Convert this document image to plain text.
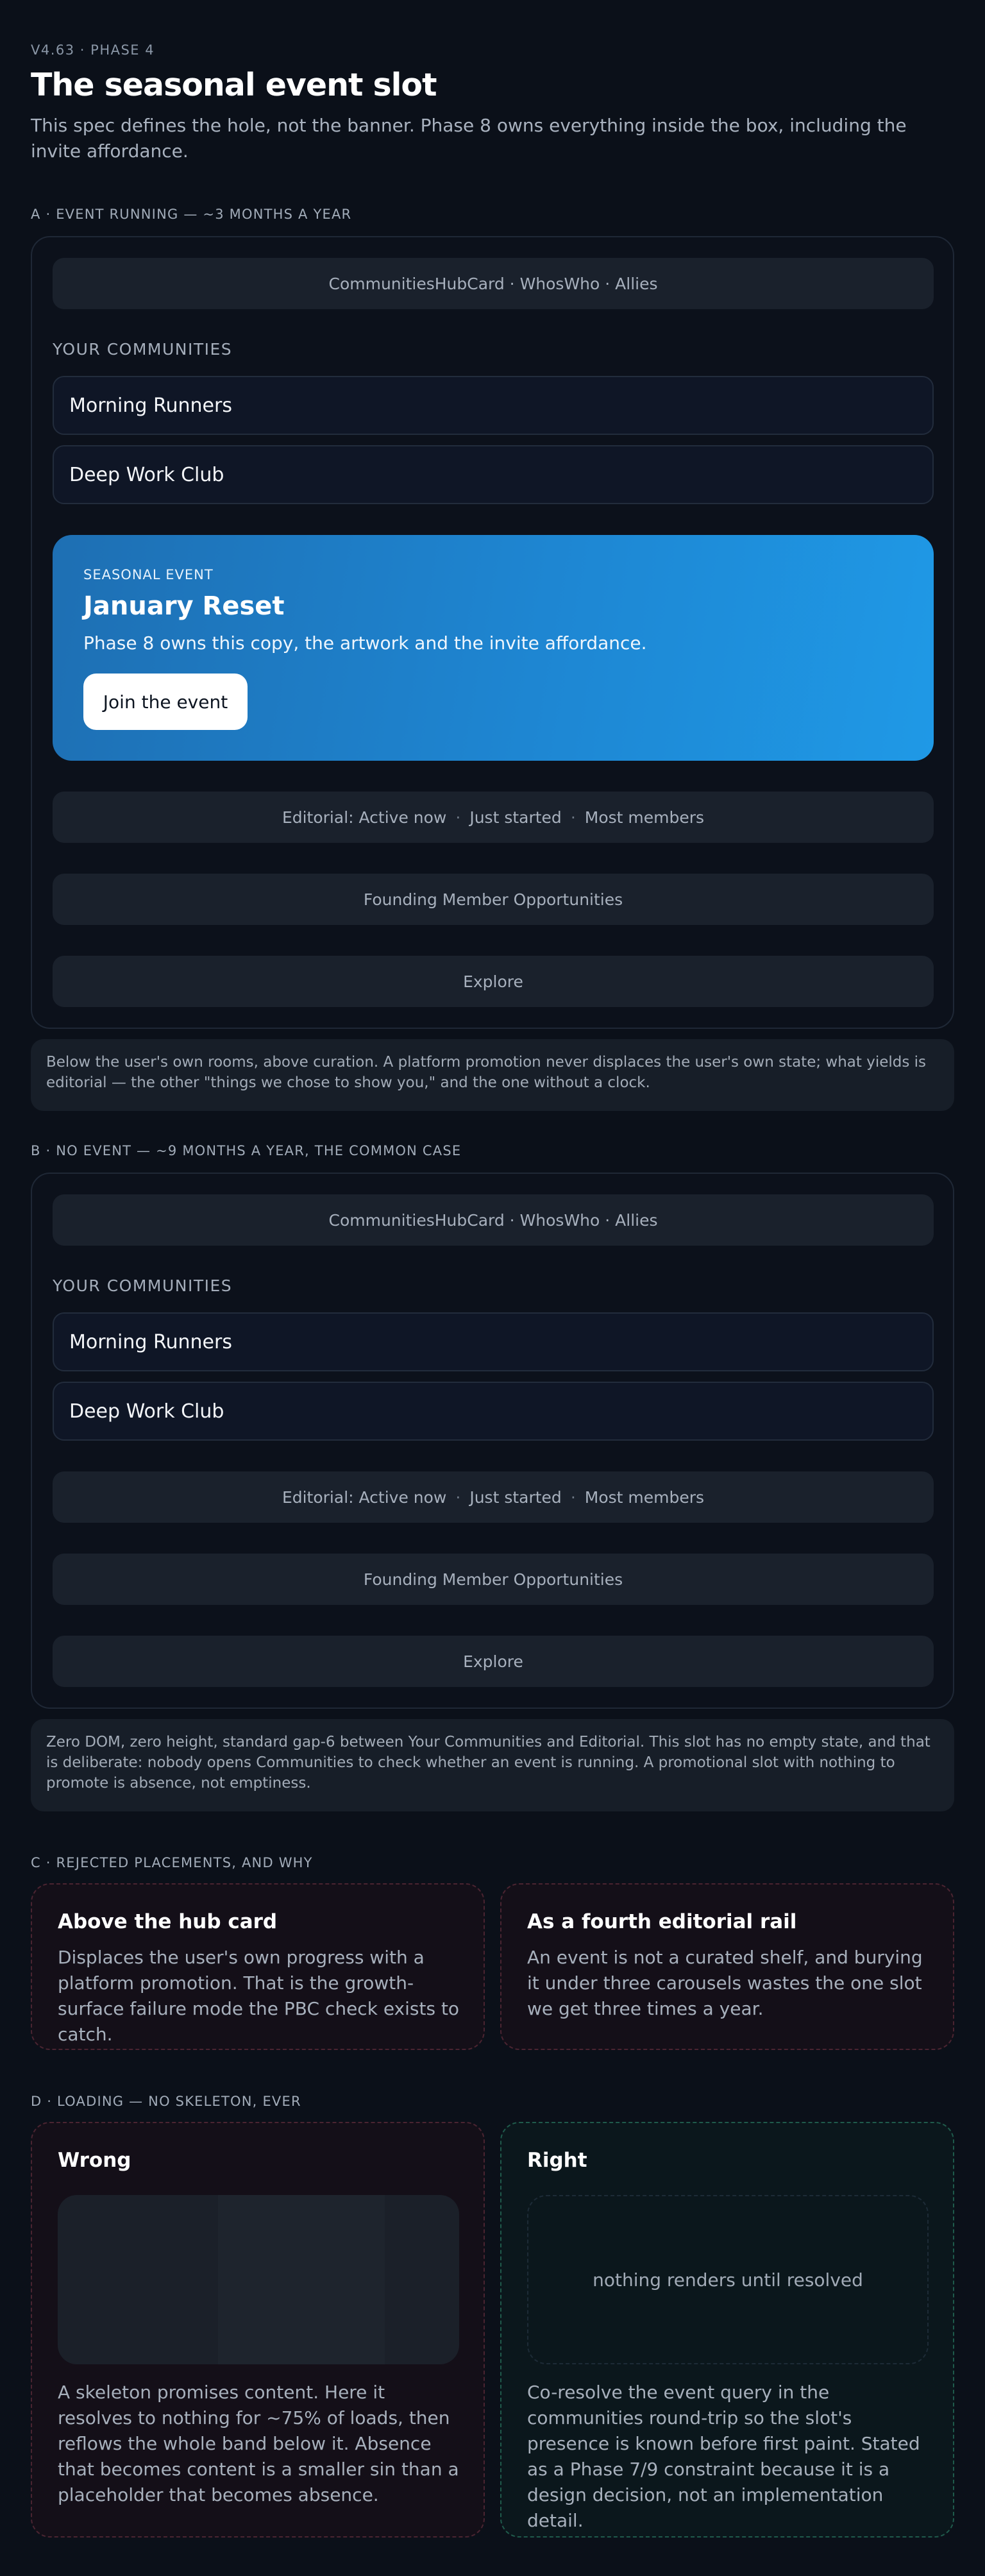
V4.63 · PHASE 4
The seasonal event slot

This spec defines the hole, not the banner. Phase 8 owns everything inside the box, including the invite affordance.

A · EVENT RUNNING — ~3 MONTHS A YEAR
CommunitiesHubCard · WhosWho · Allies
YOUR COMMUNITIES
Morning Runners
Deep Work Club
SEASONAL EVENT
January Reset
Phase 8 owns this copy, the artwork and the invite affordance.
Join the event
Editorial: Active now · Just started · Most members
Founding Member Opportunities
Explore
Below the user's own rooms, above curation. A platform promotion never displaces the user's own state; what yields is editorial — the other "things we chose to show you," and the one without a clock.
B · NO EVENT — ~9 MONTHS A YEAR, THE COMMON CASE
CommunitiesHubCard · WhosWho · Allies
YOUR COMMUNITIES
Morning Runners
Deep Work Club
Editorial: Active now · Just started · Most members
Founding Member Opportunities
Explore
Zero DOM, zero height, standard gap-6 between Your Communities and Editorial. This slot has no empty state, and that is deliberate: nobody opens Communities to check whether an event is running. A promotional slot with nothing to promote is absence, not emptiness.
C · REJECTED PLACEMENTS, AND WHY
Above the hub card
Displaces the user's own progress with a platform promotion. That is the growth-surface failure mode the PBC check exists to catch.
As a fourth editorial rail
An event is not a curated shelf, and burying it under three carousels wastes the one slot we get three times a year.
D · LOADING — NO SKELETON, EVER
Wrong
A skeleton promises content. Here it resolves to nothing for ~75% of loads, then reflows the whole band below it. Absence that becomes content is a smaller sin than a placeholder that becomes absence.
Right
nothing renders until resolved
Co-resolve the event query in the communities round-trip so the slot's presence is known before first paint. Stated as a Phase 7/9 constraint because it is a design decision, not an implementation detail.
